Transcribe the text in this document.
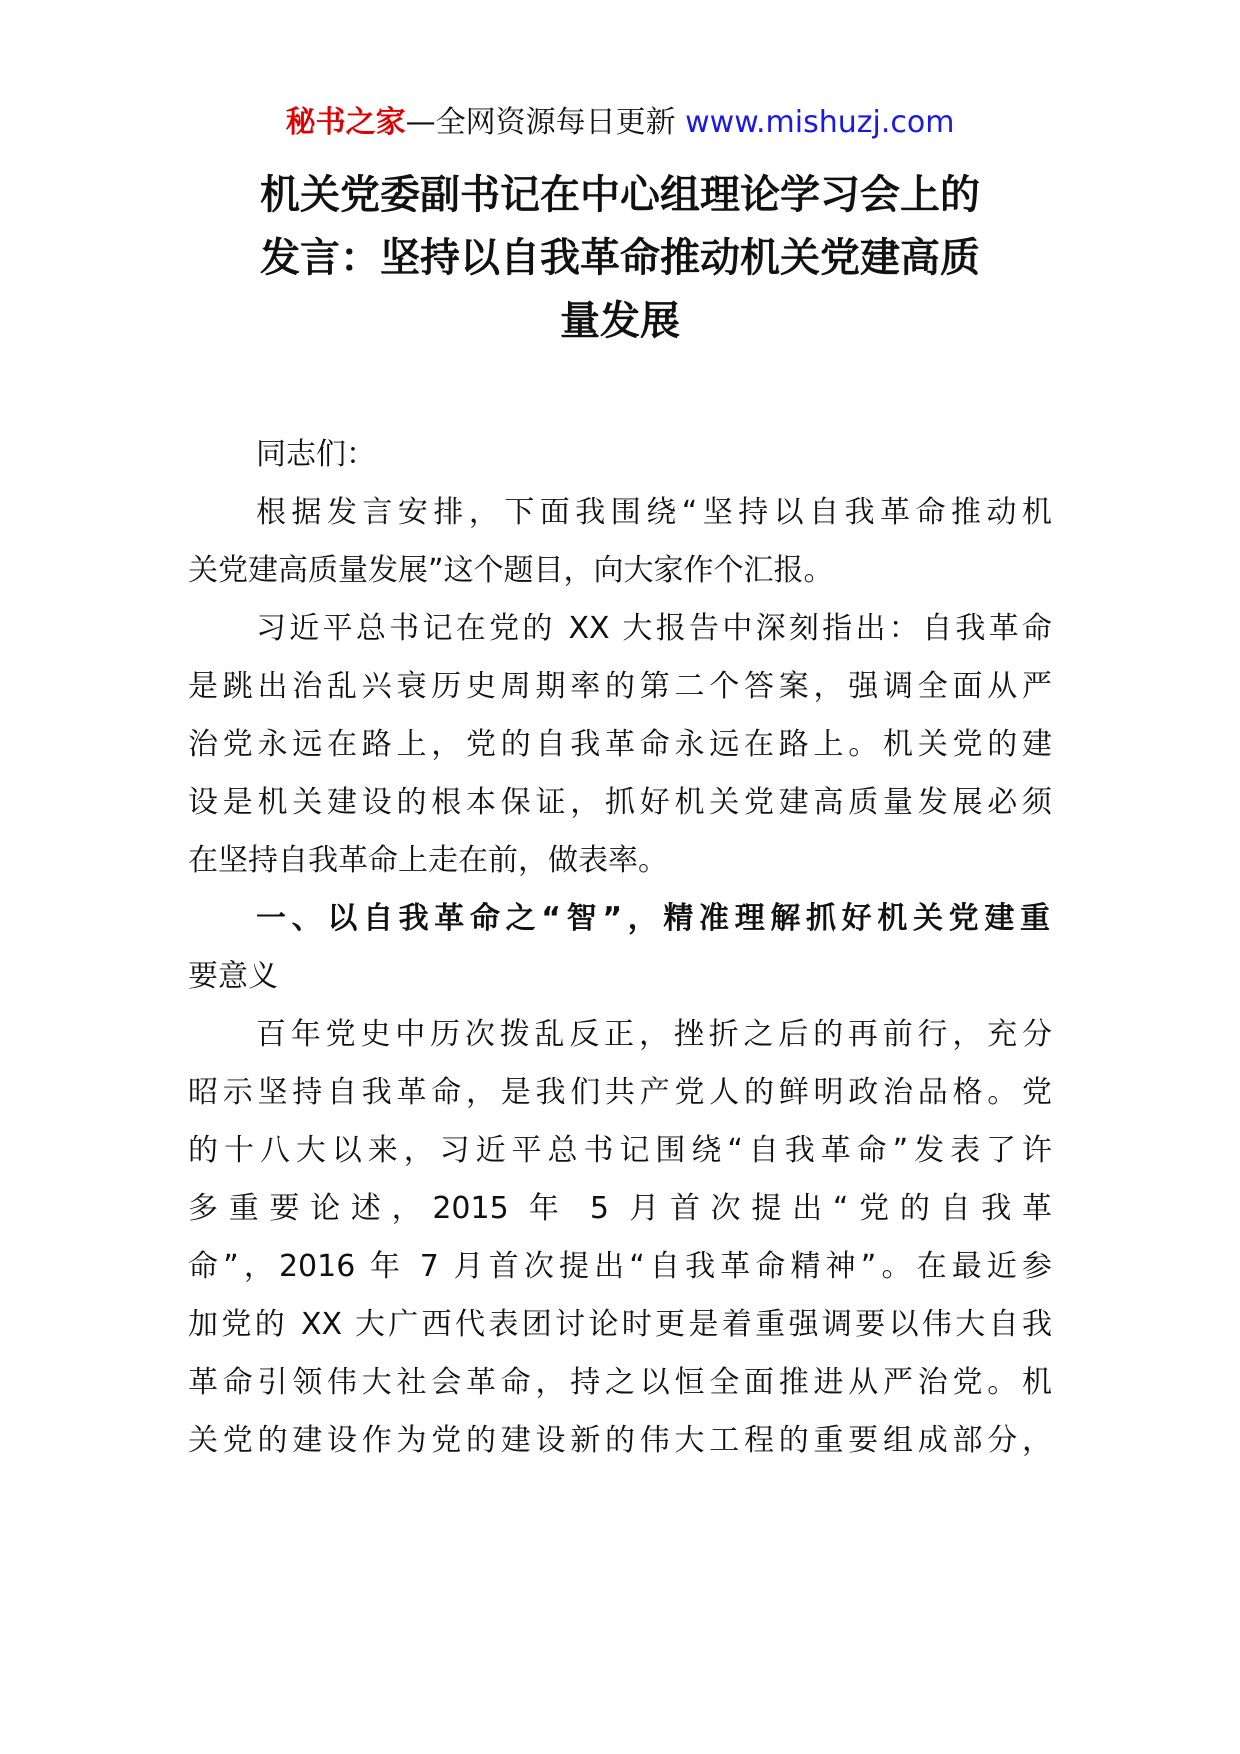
秘书之家—全网资源每日更新 www.mishuzj.com
机关党委副书记在中心组理论学习会上的
发言：坚持以自我革命推动机关党建高质
量发展
同志们：
根据发言安排，下面我围绕“坚持以自我革命推动机
关党建高质量发展”这个题目，向大家作个汇报。
习近平总书记在党的 XX 大报告中深刻指出：自我革命
是跳出治乱兴衰历史周期率的第二个答案，强调全面从严
治党永远在路上，党的自我革命永远在路上。机关党的建
设是机关建设的根本保证，抓好机关党建高质量发展必须
在坚持自我革命上走在前，做表率。
一、以自我革命之“智”，精准理解抓好机关党建重
要意义
百年党史中历次拨乱反正，挫折之后的再前行，充分
昭示坚持自我革命，是我们共产党人的鲜明政治品格。党
的十八大以来，习近平总书记围绕“自我革命”发表了许
多重要论述，2015 年 5 月首次提出“党的自我革
命”，2016 年 7 月首次提出“自我革命精神”。在最近参
加党的 XX 大广西代表团讨论时更是着重强调要以伟大自我
革命引领伟大社会革命，持之以恒全面推进从严治党。机
关党的建设作为党的建设新的伟大工程的重要组成部分，
